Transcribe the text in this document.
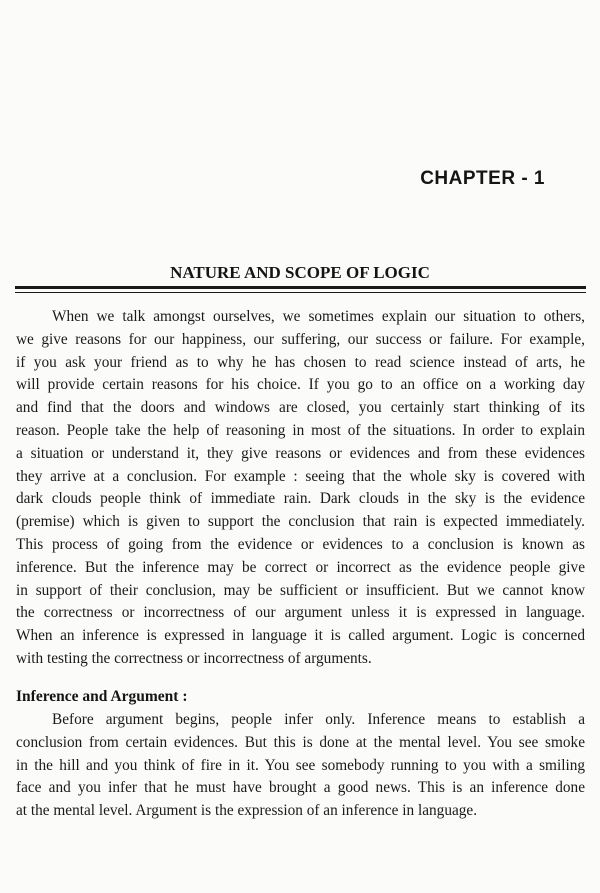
CHAPTER - 1
NATURE AND SCOPE OF LOGIC

When we talk amongst ourselves, we sometimes explain our situation to others,
we give reasons for our happiness, our suffering, our success or failure. For example,
if you ask your friend as to why he has chosen to read science instead of arts, he
will provide certain reasons for his choice. If you go to an office on a working day
and find that the doors and windows are closed, you certainly start thinking of its
reason. People take the help of reasoning in most of the situations. In order to explain
a situation or understand it, they give reasons or evidences and from these evidences
they arrive at a conclusion. For example : seeing that the whole sky is covered with
dark clouds people think of immediate rain. Dark clouds in the sky is the evidence
(premise) which is given to support the conclusion that rain is expected immediately.
This process of going from the evidence or evidences to a conclusion is known as
inference. But the inference may be correct or incorrect as the evidence people give
in support of their conclusion, may be sufficient or insufficient. But we cannot know
the correctness or incorrectness of our argument unless it is expressed in language.
When an inference is expressed in language it is called argument. Logic is concerned
with testing the correctness or incorrectness of arguments.

Inference and Argument :

Before argument begins, people infer only. Inference means to establish a
conclusion from certain evidences. But this is done at the mental level. You see smoke
in the hill and you think of fire in it. You see somebody running to you with a smiling
face and you infer that he must have brought a good news. This is an inference done
at the mental level. Argument is the expression of an inference in language.
